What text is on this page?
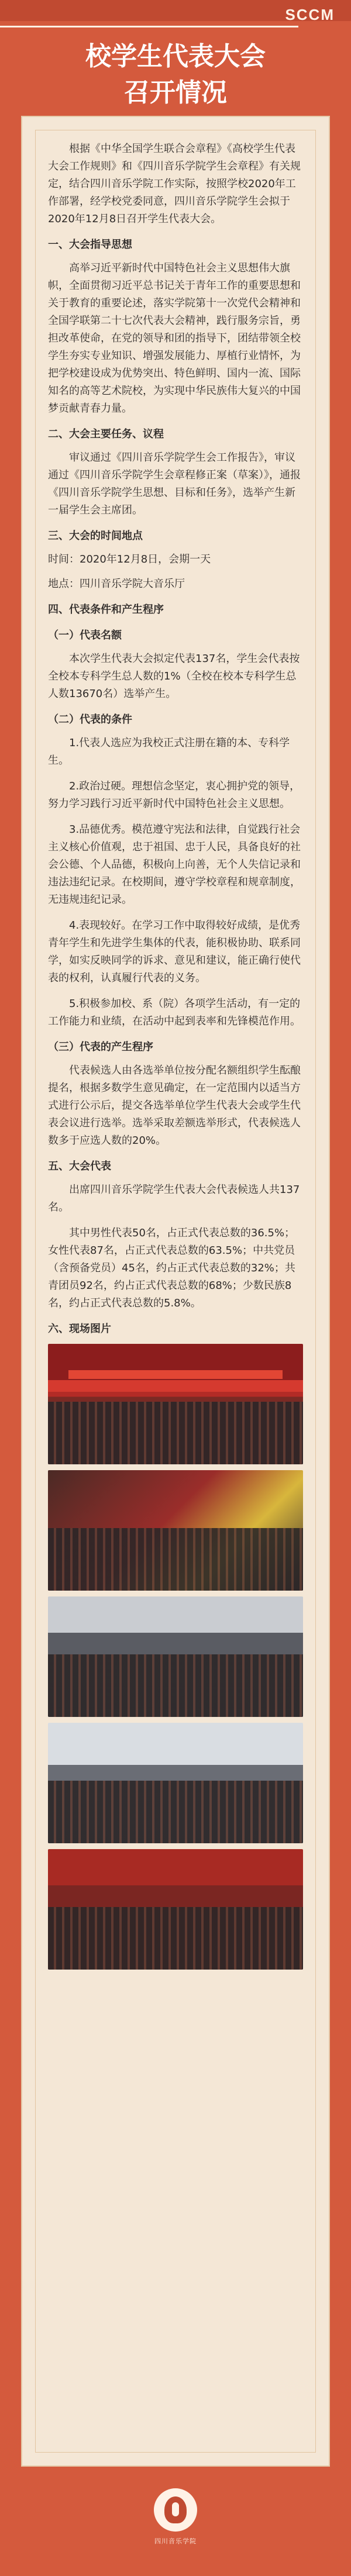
SCCM
校学生代表大会
召开情况

根据《中华全国学生联合会章程》《高校学生代表大会工作规则》和《四川音乐学院学生会章程》有关规定，结合四川音乐学院工作实际，按照学校2020年工作部署，经学校党委同意，四川音乐学院学生会拟于2020年12月8日召开学生代表大会。

一、大会指导思想

高举习近平新时代中国特色社会主义思想伟大旗帜，全面贯彻习近平总书记关于青年工作的重要思想和关于教育的重要论述，落实学院第十一次党代会精神和全国学联第二十七次代表大会精神，践行服务宗旨，勇担改革使命，在党的领导和团的指导下，团结带领全校学生夯实专业知识、增强发展能力、厚植行业情怀，为把学校建设成为优势突出、特色鲜明、国内一流、国际知名的高等艺术院校，为实现中华民族伟大复兴的中国梦贡献青春力量。

二、大会主要任务、议程

审议通过《四川音乐学院学生会工作报告》，审议通过《四川音乐学院学生会章程修正案（草案）》，通报《四川音乐学院学生思想、目标和任务》，选举产生新一届学生会主席团。

三、大会的时间地点

时间：2020年12月8日，会期一天

地点：四川音乐学院大音乐厅

四、代表条件和产生程序
（一）代表名额

本次学生代表大会拟定代表137名，学生会代表按全校本专科学生总人数的1%（全校在校本专科学生总人数13670名）选举产生。

（二）代表的条件

1.代表人选应为我校正式注册在籍的本、专科学生。

2.政治过硬。理想信念坚定，衷心拥护党的领导，努力学习践行习近平新时代中国特色社会主义思想。

3.品德优秀。模范遵守宪法和法律，自觉践行社会主义核心价值观，忠于祖国、忠于人民，具备良好的社会公德、个人品德，积极向上向善，无个人失信记录和违法违纪记录。在校期间，遵守学校章程和规章制度，无违规违纪记录。

4.表现较好。在学习工作中取得较好成绩，是优秀青年学生和先进学生集体的代表，能积极协助、联系同学，如实反映同学的诉求、意见和建议，能正确行使代表的权利，认真履行代表的义务。

5.积极参加校、系（院）各项学生活动，有一定的工作能力和业绩，在活动中起到表率和先锋模范作用。

（三）代表的产生程序

代表候选人由各选举单位按分配名额组织学生酝酿提名，根据多数学生意见确定，在一定范围内以适当方式进行公示后，提交各选举单位学生代表大会或学生代表会议进行选举。选举采取差额选举形式，代表候选人数多于应选人数的20%。

五、大会代表

出席四川音乐学院学生代表大会代表候选人共137名。

其中男性代表50名，占正式代表总数的36.5%；女性代表87名，占正式代表总数的63.5%；中共党员（含预备党员）45名，约占正式代表总数的32%；共青团员92名，约占正式代表总数的68%；少数民族8名，约占正式代表总数的5.8%。

六、现场图片
四川音乐学院
